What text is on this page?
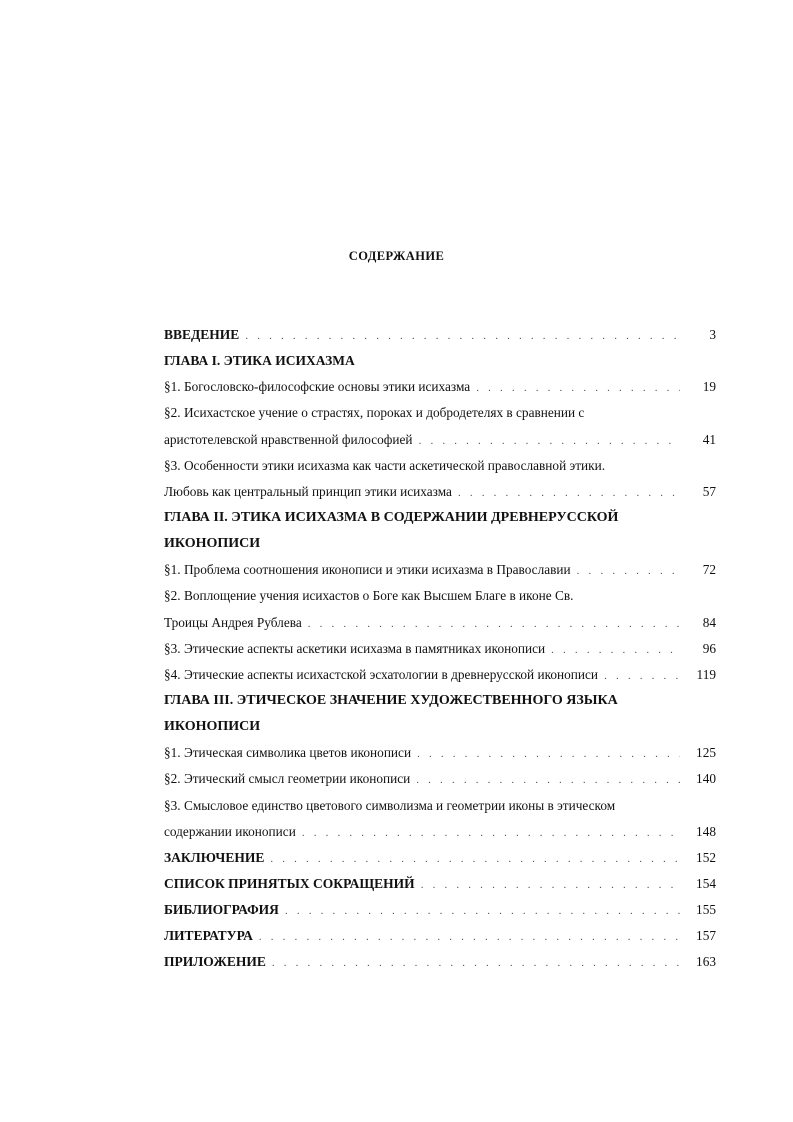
СОДЕРЖАНИЕ
ВВЕДЕНИЕ . . .	3
ГЛАВА I. ЭТИКА ИСИХАЗМА
§1. Богословско-философские основы этики исихазма . . .	19
§2. Исихастское учение о страстях, пороках и добродетелях в сравнении с
аристотелевской нравственной философией . . .	41
§3. Особенности этики исихазма как части аскетической православной этики.
Любовь как центральный принцип этики исихазма . . .	57
ГЛАВА II. ЭТИКА ИСИХАЗМА В СОДЕРЖАНИИ ДРЕВНЕРУССКОЙ
ИКОНОПИСИ
§1. Проблема соотношения иконописи и этики исихазма в Православии . . .	72
§2. Воплощение учения исихастов о Боге как Высшем Благе в иконе Св.
Троицы Андрея Рублева . . .	84
§3. Этические аспекты аскетики исихазма в памятниках иконописи . . .	96
§4. Этические аспекты исихастской эсхатологии в древнерусской иконописи . . .	119
ГЛАВА III. ЭТИЧЕСКОЕ ЗНАЧЕНИЕ ХУДОЖЕСТВЕННОГО ЯЗЫКА
ИКОНОПИСИ
§1. Этическая символика цветов иконописи . . .	125
§2. Этический смысл геометрии иконописи . . .	140
§3. Смысловое единство цветового символизма и геометрии иконы в этическом
содержании иконописи . . .	148
ЗАКЛЮЧЕНИЕ . . .	152
СПИСОК ПРИНЯТЫХ СОКРАЩЕНИЙ . . .	154
БИБЛИОГРАФИЯ . . .	155
ЛИТЕРАТУРА . . .	157
ПРИЛОЖЕНИЕ . . .	163
